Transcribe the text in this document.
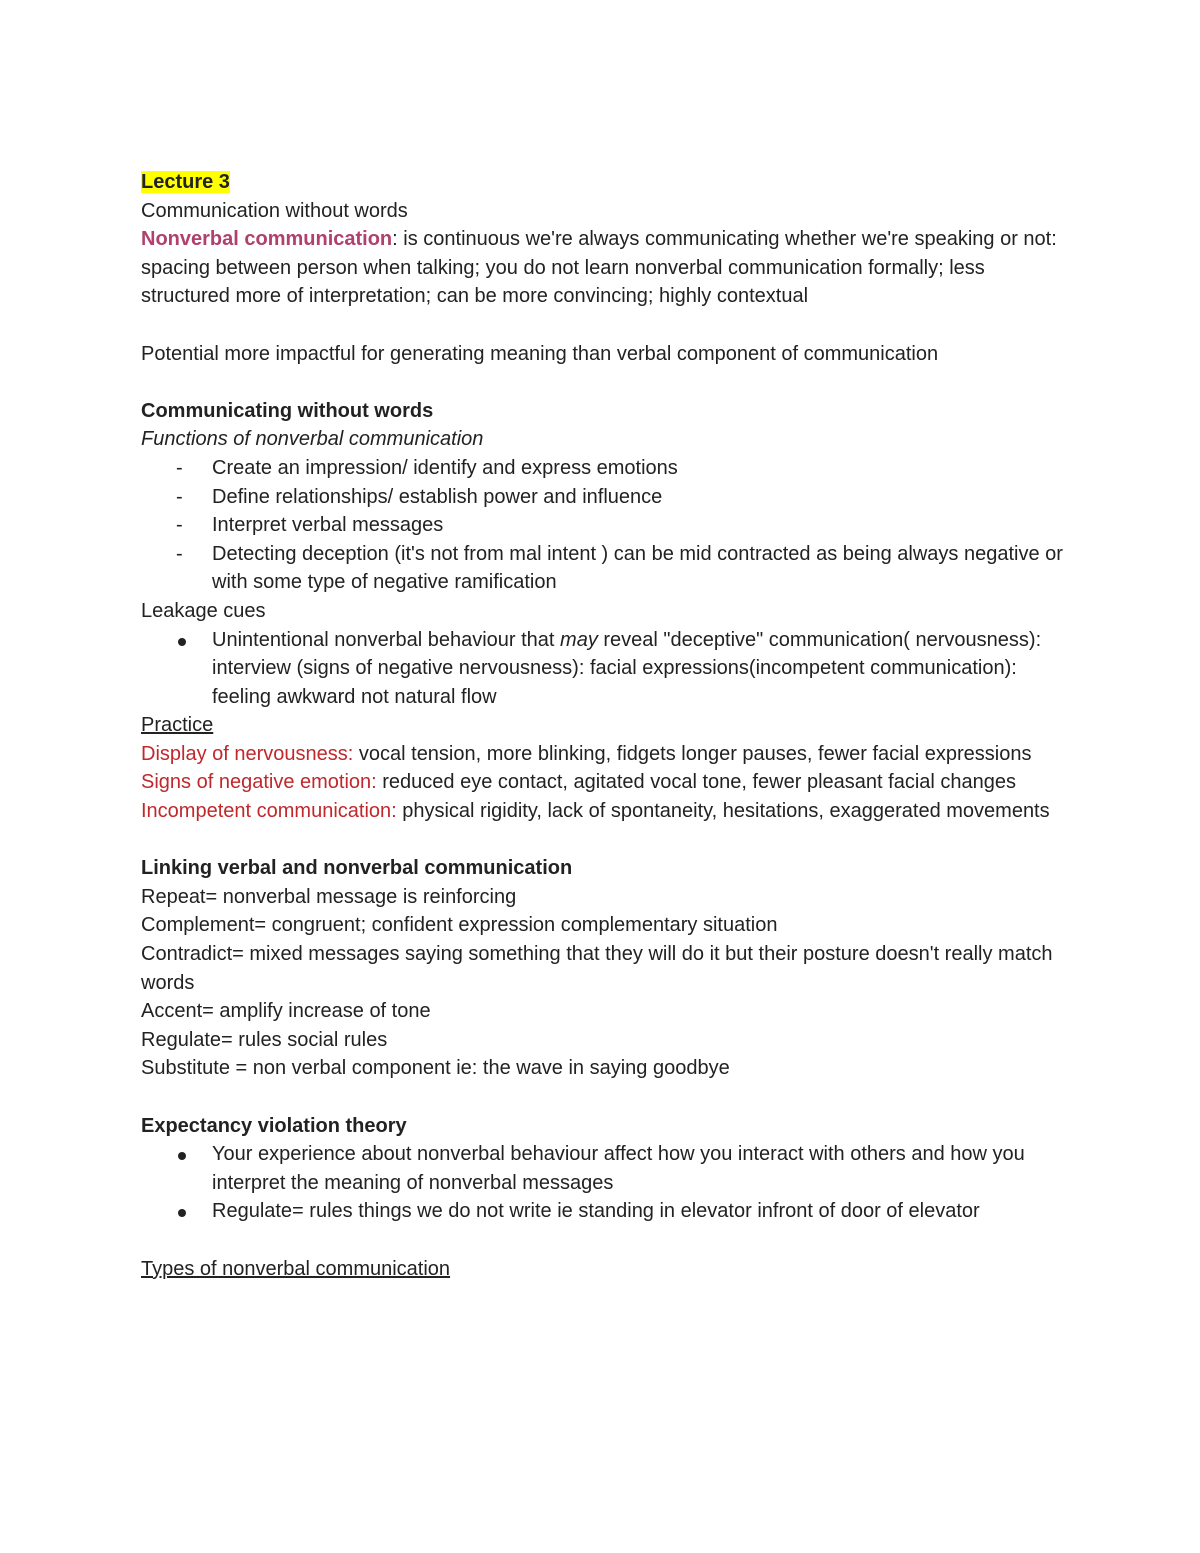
Lecture 3

Communication without words

Nonverbal communication: is continuous we're always communicating whether we're speaking or not: spacing between person when talking; you do not learn nonverbal communication formally; less structured more of interpretation; can be more convincing; highly contextual

Potential more impactful for generating meaning than verbal component of communication

Communicating without words

Functions of nonverbal communication

- Create an impression/ identify and express emotions
- Define relationships/ establish power and influence
- Interpret verbal messages
- Detecting deception (it's not from mal intent ) can be mid contracted as being always negative or with some type of negative ramification

Leakage cues

Unintentional nonverbal behaviour that may reveal "deceptive" communication( nervousness): interview (signs of negative nervousness): facial expressions(incompetent communication): feeling awkward not natural flow

Practice

Display of nervousness: vocal tension, more blinking, fidgets longer pauses, fewer facial expressions

Signs of negative emotion: reduced eye contact, agitated vocal tone, fewer pleasant facial changes

Incompetent communication: physical rigidity, lack of spontaneity, hesitations, exaggerated movements

Linking verbal and nonverbal communication

Repeat= nonverbal message is reinforcing

Complement= congruent; confident expression complementary situation

Contradict= mixed messages saying something that they will do it but their posture doesn't really match words

Accent= amplify increase of tone

Regulate= rules social rules

Substitute = non verbal component ie: the wave in saying goodbye

Expectancy violation theory

Your experience about nonverbal behaviour affect how you interact with others and how you interpret the meaning of nonverbal messages
Regulate= rules things we do not write ie standing in elevator infront of door of elevator

Types of nonverbal communication
